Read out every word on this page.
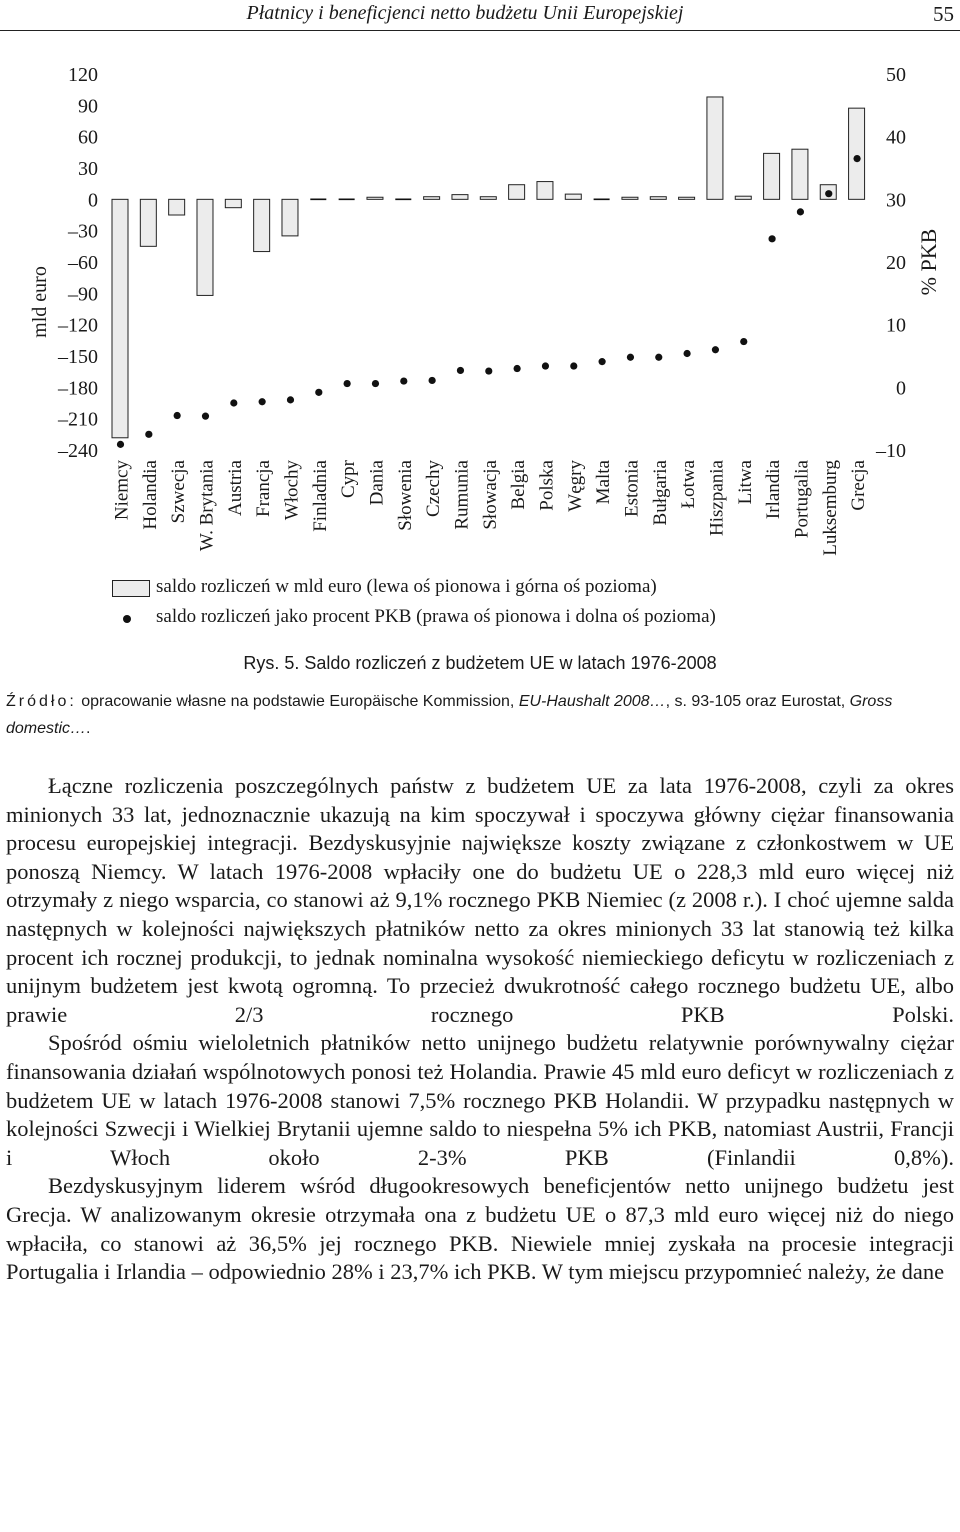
Płatnicy i beneficjenci netto budżetu Unii Europejskiej	55
120
90
60
30
0
–30
–60
–90
–120
–150
–180
–210
–240
50
40
30
20
10
0
–10
mld euro
% PKB
Niemcy Holandia Szwecja W. Brytania Austria Francja Włochy Finladnia Cypr Dania Słowenia Czechy Rumunia Słowacja Belgia Polska Węgry Malta Estonia Bułgaria Łotwa Hiszpania Litwa Irlandia Portugalia Luksemburg Grecja
saldo rozliczeń w mld euro (lewa oś pionowa i górna oś pozioma)
saldo rozliczeń jako procent PKB (prawa oś pionowa i dolna oś pozioma)
Rys. 5. Saldo rozliczeń z budżetem UE w latach 1976-2008
Źródło: opracowanie własne na podstawie Europäische Kommission, EU-Haushalt 2008…, s. 93-105 oraz Eurostat, Gross domestic….

Łączne rozliczenia poszczególnych państw z budżetem UE za lata 1976-2008, czyli za okres minionych 33 lat, jednoznacznie ukazują na kim spoczywał i spoczywa główny ciężar finansowania procesu europejskiej integracji. Bezdyskusyjnie największe koszty związane z członkostwem w UE ponoszą Niemcy. W latach 1976-2008 wpłaciły one do budżetu UE o 228,3 mld euro więcej niż otrzymały z niego wsparcia, co stanowi aż 9,1% rocznego PKB Niemiec (z 2008 r.). I choć ujemne salda następnych w kolejności największych płatników netto za okres minionych 33 lat stanowią też kilka procent ich rocznej produkcji, to jednak nominalna wysokość niemieckiego deficytu w rozliczeniach z unijnym budżetem jest kwotą ogromną. To przecież dwukrotność całego rocznego budżetu UE, albo prawie 2/3 rocznego PKB Polski.

Spośród ośmiu wieloletnich płatników netto unijnego budżetu relatywnie porównywalny ciężar finansowania działań wspólnotowych ponosi też Holandia. Prawie 45 mld euro deficyt w rozliczeniach z budżetem UE w latach 1976-2008 stanowi 7,5% rocznego PKB Holandii. W przypadku następnych w kolejności Szwecji i Wielkiej Brytanii ujemne saldo to niespełna 5% ich PKB, natomiast Austrii, Francji i Włoch około 2-3% PKB (Finlandii 0,8%).

Bezdyskusyjnym liderem wśród długookresowych beneficjentów netto unijnego budżetu jest Grecja. W analizowanym okresie otrzymała ona z budżetu UE o 87,3 mld euro więcej niż do niego wpłaciła, co stanowi aż 36,5% jej rocznego PKB. Niewiele mniej zyskała na procesie integracji Portugalia i Irlandia – odpowiednio 28% i 23,7% ich PKB. W tym miejscu przypomnieć należy, że dane
